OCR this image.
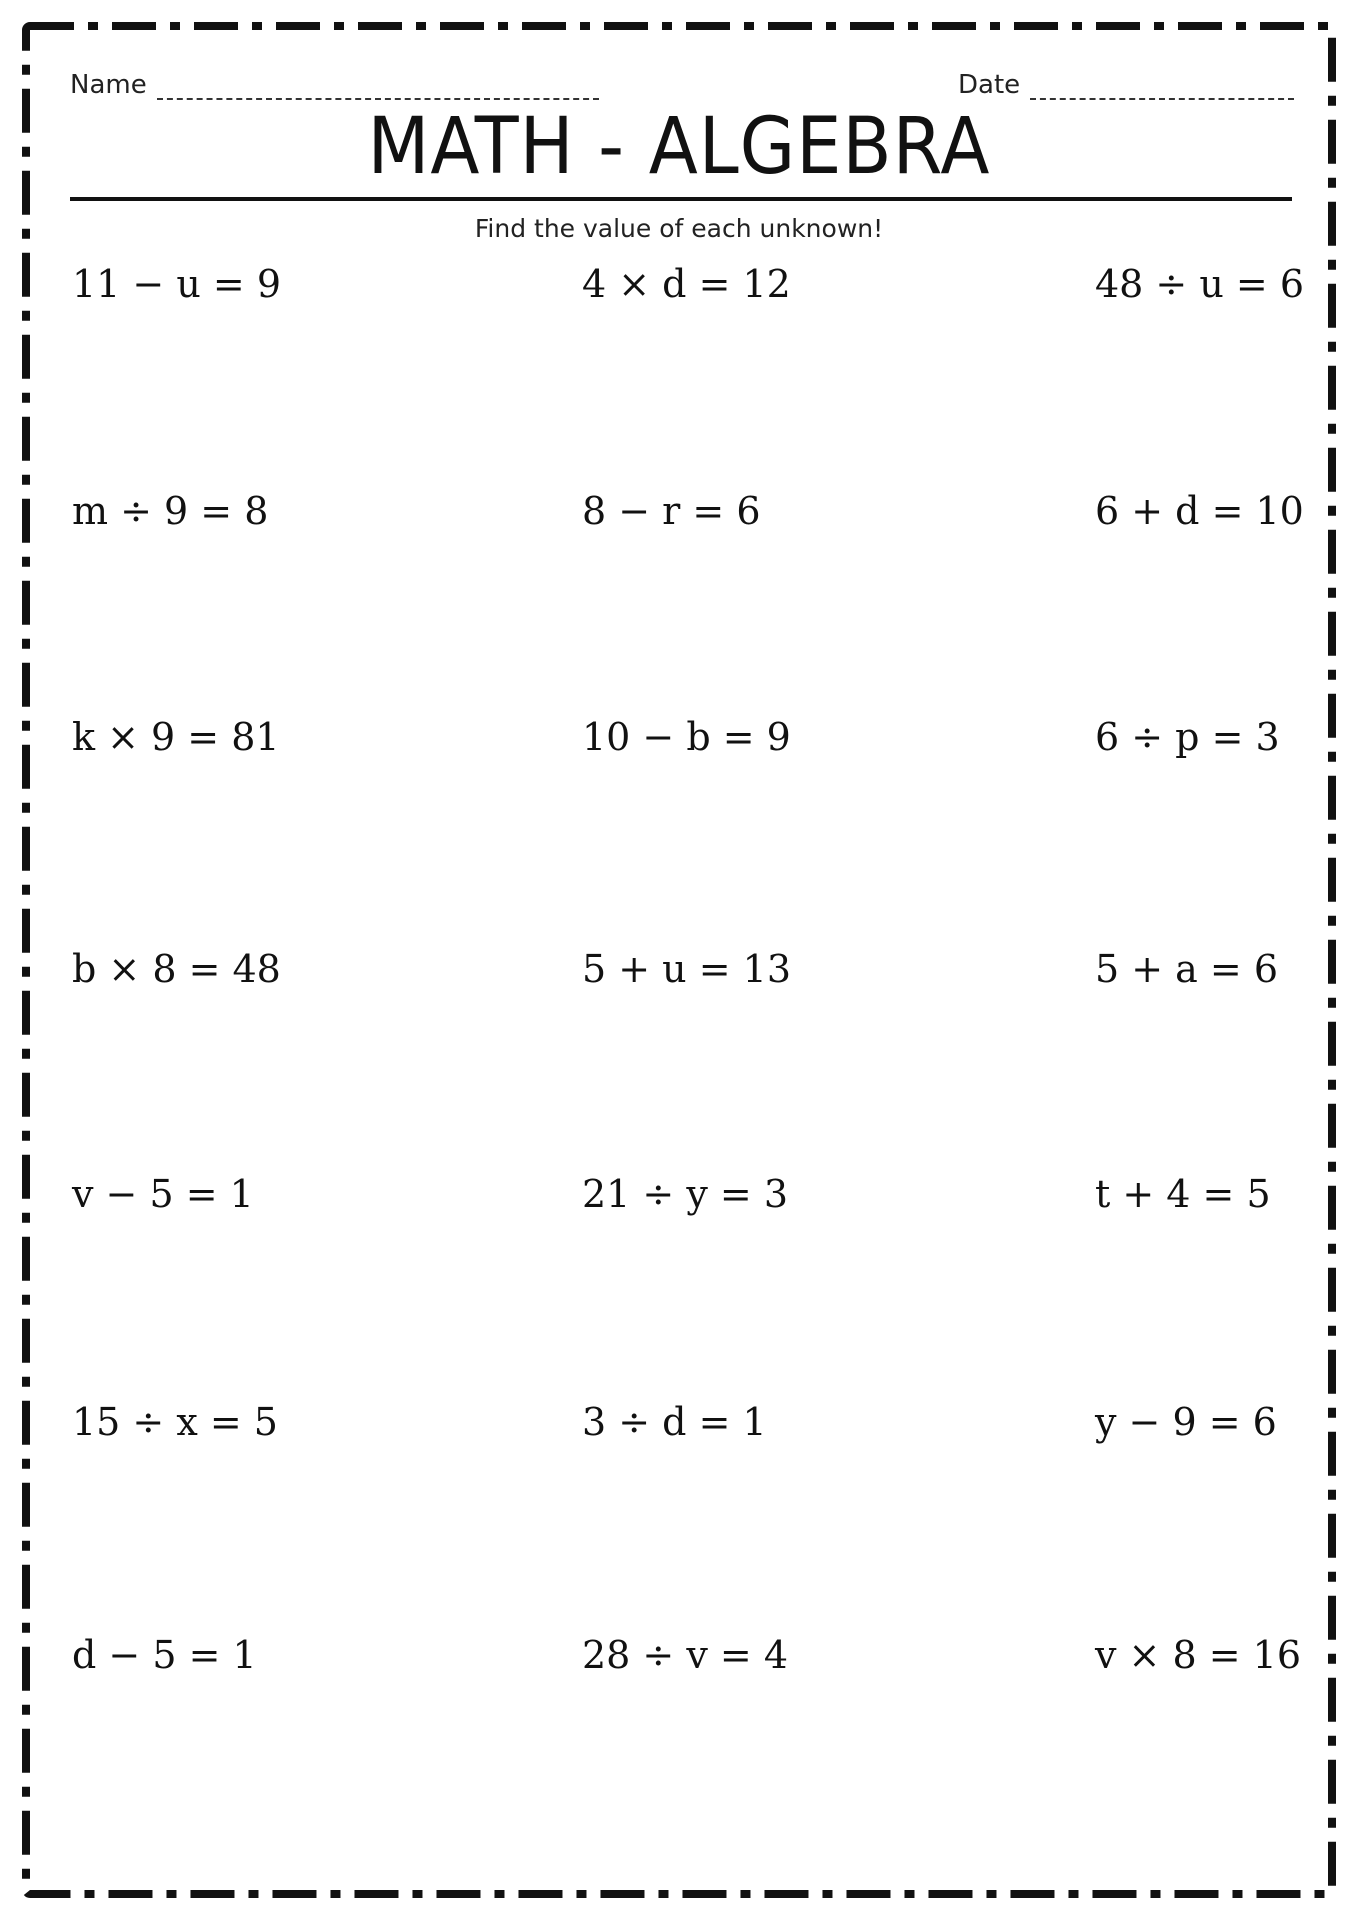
Name	Date
MATH - ALGEBRA
Find the value of each unknown!
11 − u = 9	4 × d = 12	48 ÷ u = 6
m ÷ 9 = 8	8 − r = 6	6 + d = 10
k × 9 = 81	10 − b = 9	6 ÷ p = 3
b × 8 = 48	5 + u = 13	5 + a = 6
v − 5 = 1	21 ÷ y = 3	t + 4 = 5
15 ÷ x = 5	3 ÷ d = 1	y − 9 = 6
d − 5 = 1	28 ÷ v = 4	v × 8 = 16
